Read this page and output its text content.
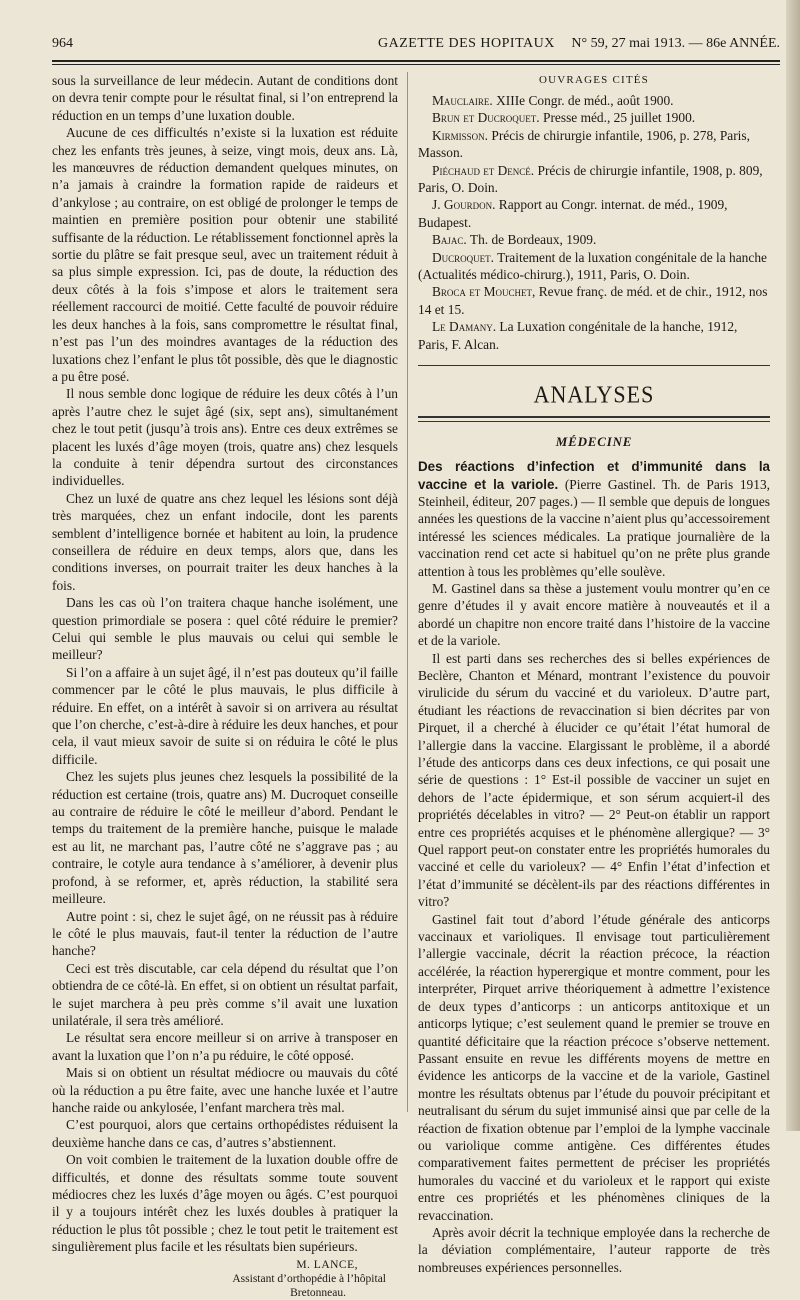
964	GAZETTE DES HOPITAUX N° 59, 27 mai 1913. — 86e ANNÉE.

sous la surveillance de leur médecin. Autant de conditions dont on devra tenir compte pour le résultat final, si l’on entreprend la réduction en un temps d’une luxation double.

Aucune de ces difficultés n’existe si la luxation est réduite chez les enfants très jeunes, à seize, vingt mois, deux ans. Là, les manœuvres de réduction demandent quelques minutes, on n’a jamais à craindre la formation rapide de raideurs et d’ankylose ; au contraire, on est obligé de prolonger le temps de maintien en première position pour obtenir une stabilité suffisante de la réduction. Le rétablissement fonctionnel après la sortie du plâtre se fait presque seul, avec un traitement réduit à sa plus simple expression. Ici, pas de doute, la réduction des deux côtés à la fois s’impose et alors le traitement sera réellement raccourci de moitié. Cette faculté de pouvoir réduire les deux hanches à la fois, sans compromettre le résultat final, n’est pas l’un des moindres avantages de la réduction des luxations chez l’enfant le plus tôt possible, dès que le diagnostic a pu être posé.

Il nous semble donc logique de réduire les deux côtés à l’un après l’autre chez le sujet âgé (six, sept ans), simultanément chez le tout petit (jusqu’à trois ans). Entre ces deux extrêmes se placent les luxés d’âge moyen (trois, quatre ans) chez lesquels la conduite à tenir dépendra surtout des circonstances individuelles.

Chez un luxé de quatre ans chez lequel les lésions sont déjà très marquées, chez un enfant indocile, dont les parents semblent d’intelligence bornée et habitent au loin, la prudence conseillera de réduire en deux temps, alors que, dans les conditions inverses, on pourrait traiter les deux hanches à la fois.

Dans les cas où l’on traitera chaque hanche isolément, une question primordiale se posera : quel côté réduire le premier? Celui qui semble le plus mauvais ou celui qui semble le meilleur?

Si l’on a affaire à un sujet âgé, il n’est pas douteux qu’il faille commencer par le côté le plus mauvais, le plus difficile à réduire. En effet, on a intérêt à savoir si on arrivera au résultat que l’on cherche, c’est-à-dire à réduire les deux hanches, et pour cela, il vaut mieux savoir de suite si on réduira le côté le plus difficile.

Chez les sujets plus jeunes chez lesquels la possibilité de la réduction est certaine (trois, quatre ans) M. Ducroquet conseille au contraire de réduire le côté le meilleur d’abord. Pendant le temps du traitement de la première hanche, puisque le malade est au lit, ne marchant pas, l’autre côté ne s’aggrave pas ; au contraire, le cotyle aura tendance à s’améliorer, à devenir plus profond, à se reformer, et, après réduction, la stabilité sera meilleure.

Autre point : si, chez le sujet âgé, on ne réussit pas à réduire le côté le plus mauvais, faut-il tenter la réduction de l’autre hanche?

Ceci est très discutable, car cela dépend du résultat que l’on obtiendra de ce côté-là. En effet, si on obtient un résultat parfait, le sujet marchera à peu près comme s’il avait une luxation unilatérale, il sera très amélioré.

Le résultat sera encore meilleur si on arrive à transposer en avant la luxation que l’on n’a pu réduire, le côté opposé.

Mais si on obtient un résultat médiocre ou mauvais du côté où la réduction a pu être faite, avec une hanche luxée et l’autre hanche raide ou ankylosée, l’enfant marchera très mal.

C’est pourquoi, alors que certains orthopédistes réduisent la deuxième hanche dans ce cas, d’autres s’abstiennent.

On voit combien le traitement de la luxation double offre de difficultés, et donne des résultats somme toute souvent médiocres chez les luxés d’âge moyen ou âgés. C’est pourquoi il y a toujours intérêt chez les luxés doubles à pratiquer la réduction le plus tôt possible ; chez le tout petit le traitement est singulièrement plus facile et les résultats bien supérieurs.

M. LANCE,
Assistant d’orthopédie à l’hôpital
Bretonneau.
OUVRAGES CITÉS

Mauclaire. XIIIe Congr. de méd., août 1900.

Brun et Ducroquet. Presse méd., 25 juillet 1900.

Kirmisson. Précis de chirurgie infantile, 1906, p. 278, Paris, Masson.

Piéchaud et Dencé. Précis de chirurgie infantile, 1908, p. 809, Paris, O. Doin.

J. Gourdon. Rapport au Congr. internat. de méd., 1909, Budapest.

Bajac. Th. de Bordeaux, 1909.

Ducroquet. Traitement de la luxation congénitale de la hanche (Actualités médico-chirurg.), 1911, Paris, O. Doin.

Broca et Mouchet, Revue franç. de méd. et de chir., 1912, nos 14 et 15.

Le Damany. La Luxation congénitale de la hanche, 1912, Paris, F. Alcan.

ANALYSES
MÉDECINE

Des réactions d’infection et d’immunité dans la vaccine et la variole. (Pierre Gastinel. Th. de Paris 1913, Steinheil, éditeur, 207 pages.) — Il semble que depuis de longues années les questions de la vaccine n’aient plus qu’accessoirement intéressé les sciences médicales. La pratique journalière de la vaccination rend cet acte si habituel qu’on ne prête plus grande attention à tous les problèmes qu’elle soulève.

M. Gastinel dans sa thèse a justement voulu montrer qu’en ce genre d’études il y avait encore matière à nouveautés et il a abordé un chapitre non encore traité dans l’histoire de la vaccine et de la variole.

Il est parti dans ses recherches des si belles expériences de Beclère, Chanton et Ménard, montrant l’existence du pouvoir virulicide du sérum du vacciné et du varioleux. D’autre part, étudiant les réactions de revaccination si bien décrites par von Pirquet, il a cherché à élucider ce qu’était l’état humoral de l’allergie dans la vaccine. Elargissant le problème, il a abordé l’étude des anticorps dans ces deux infections, ce qui posait une série de questions : 1° Est-il possible de vacciner un sujet en dehors de l’acte épidermique, et son sérum acquiert-il des propriétés décelables in vitro? — 2° Peut-on établir un rapport entre ces propriétés acquises et le phénomène allergique? — 3° Quel rapport peut-on constater entre les propriétés humorales du vacciné et celle du varioleux? — 4° Enfin l’état d’infection et l’état d’immunité se décèlent-ils par des réactions différentes in vitro?

Gastinel fait tout d’abord l’étude générale des anticorps vaccinaux et varioliques. Il envisage tout particulièrement l’allergie vaccinale, décrit la réaction précoce, la réaction accélérée, la réaction hyperergique et montre comment, pour les interpréter, Pirquet arrive théoriquement à admettre l’existence de deux types d’anticorps : un anticorps antitoxique et un anticorps lytique; c’est seulement quand le premier se trouve en quantité déficitaire que la réaction précoce s’observe nettement. Passant ensuite en revue les différents moyens de mettre en évidence les anticorps de la vaccine et de la variole, Gastinel montre les résultats obtenus par l’étude du pouvoir précipitant et neutralisant du sérum du sujet immunisé ainsi que par celle de la réaction de fixation obtenue par l’emploi de la lymphe vaccinale ou variolique comme antigène. Ces différentes études comparativement faites permettent de préciser les propriétés humorales du vacciné et du varioleux et le rapport qui existe entre ces propriétés et les phénomènes cliniques de la revaccination.

Après avoir décrit la technique employée dans la recherche de la déviation complémentaire, l’auteur rapporte de très nombreuses expériences personnelles.
